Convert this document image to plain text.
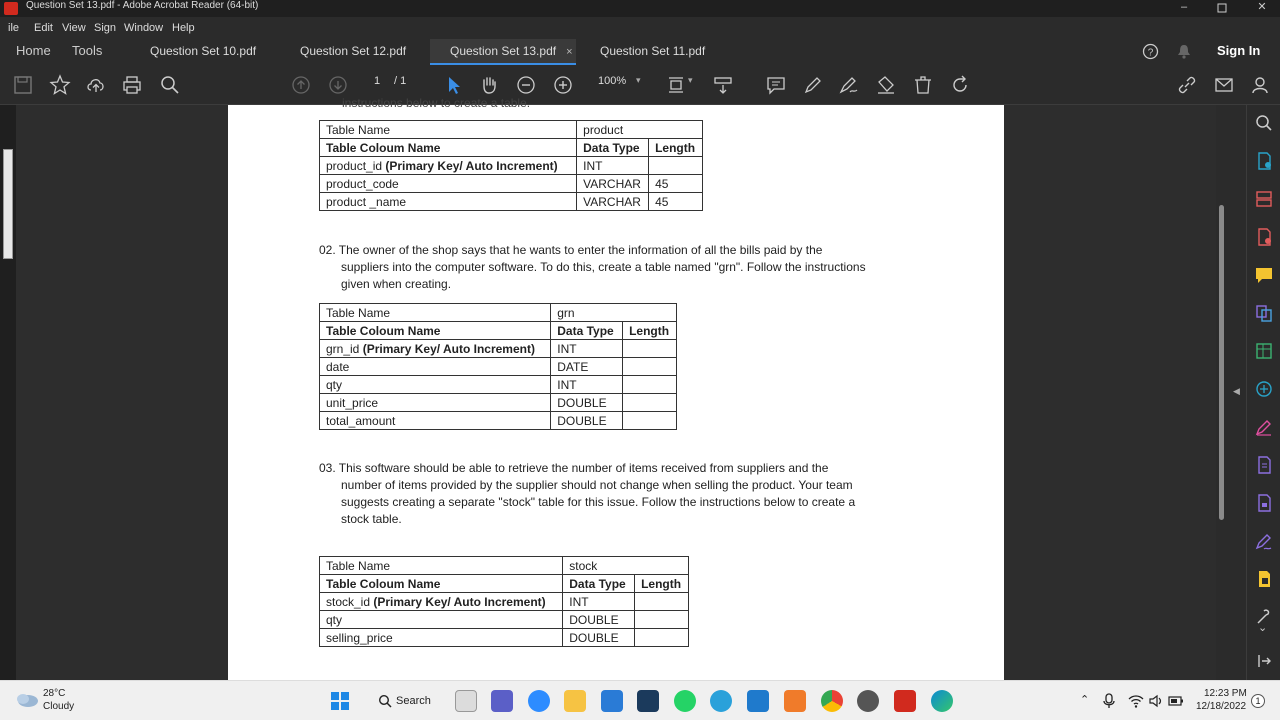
Question Set 13.pdf - Adobe Acrobat Reader (64-bit)	–	✕
ile Edit View Sign Window Help
Home Tools	Question Set 10.pdf	Question Set 12.pdf	Question Set 13.pdf ×	Question Set 11.pdf	?	Sign In
1 / 1	100% ▾	▾
instructions below to create a table.
Table Name	product	
Table Coloum Name	Data Type	Length
product_id (Primary Key/ Auto Increment)	INT	
product_code	VARCHAR	45
product _name	VARCHAR	45
02. The owner of the shop says that he wants to enter the information of all the bills paid by the
suppliers into the computer software. To do this, create a table named "grn". Follow the instructions
given when creating.
Table Name	grn	
Table Coloum Name	Data Type	Length
grn_id (Primary Key/ Auto Increment)	INT	
date	DATE	
qty	INT	
unit_price	DOUBLE	
total_amount	DOUBLE	
03. This software should be able to retrieve the number of items received from suppliers and the
number of items provided by the supplier should not change when selling the product. Your team
suggests creating a separate "stock" table for this issue. Follow the instructions below to create a
stock table.
Table Name	stock	
Table Coloum Name	Data Type	Length
stock_id (Primary Key/ Auto Increment)	INT	
qty	DOUBLE	
selling_price	DOUBLE	
◀
⌄
28°C
Cloudy	Search	⌃
12:23 PM
12/18/2022	1
